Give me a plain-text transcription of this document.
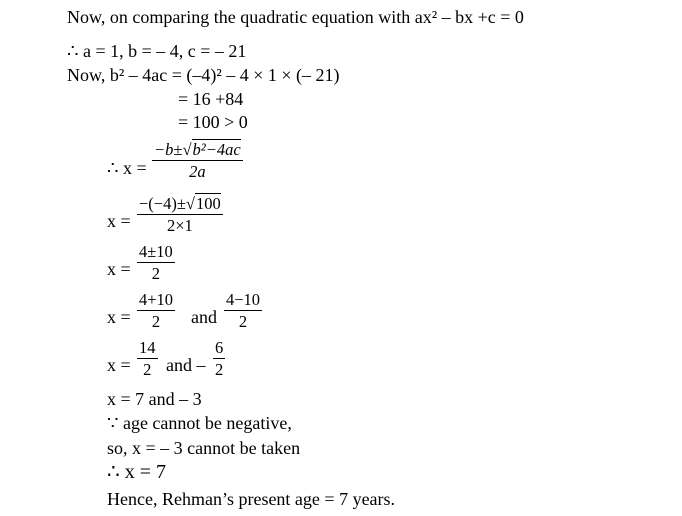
Now, on comparing the quadratic equation with ax² – bx +c = 0
∴ a = 1, b = – 4, c = – 21
Now, b² – 4ac = (–4)² – 4 × 1 × (– 21)
= 16 +84
= 100 > 0
∴ $x = \frac{\text{−b±√b²−4ac}}{2a}$
$x = \frac{-(-4)\pm√100}{2\times 1}$
$x = \frac{4\pm 10}{2}$
$x = \frac{4+10}{2}$ and $\frac{4-10}{2}$
$x = \frac{14}{2}$ and – $\frac{6}{2}$
x = 7 and – 3
∵ age cannot be negative,
so, x = – 3 cannot be taken
∴ x = 7
Hence, Rehman’s present age = 7 years.
